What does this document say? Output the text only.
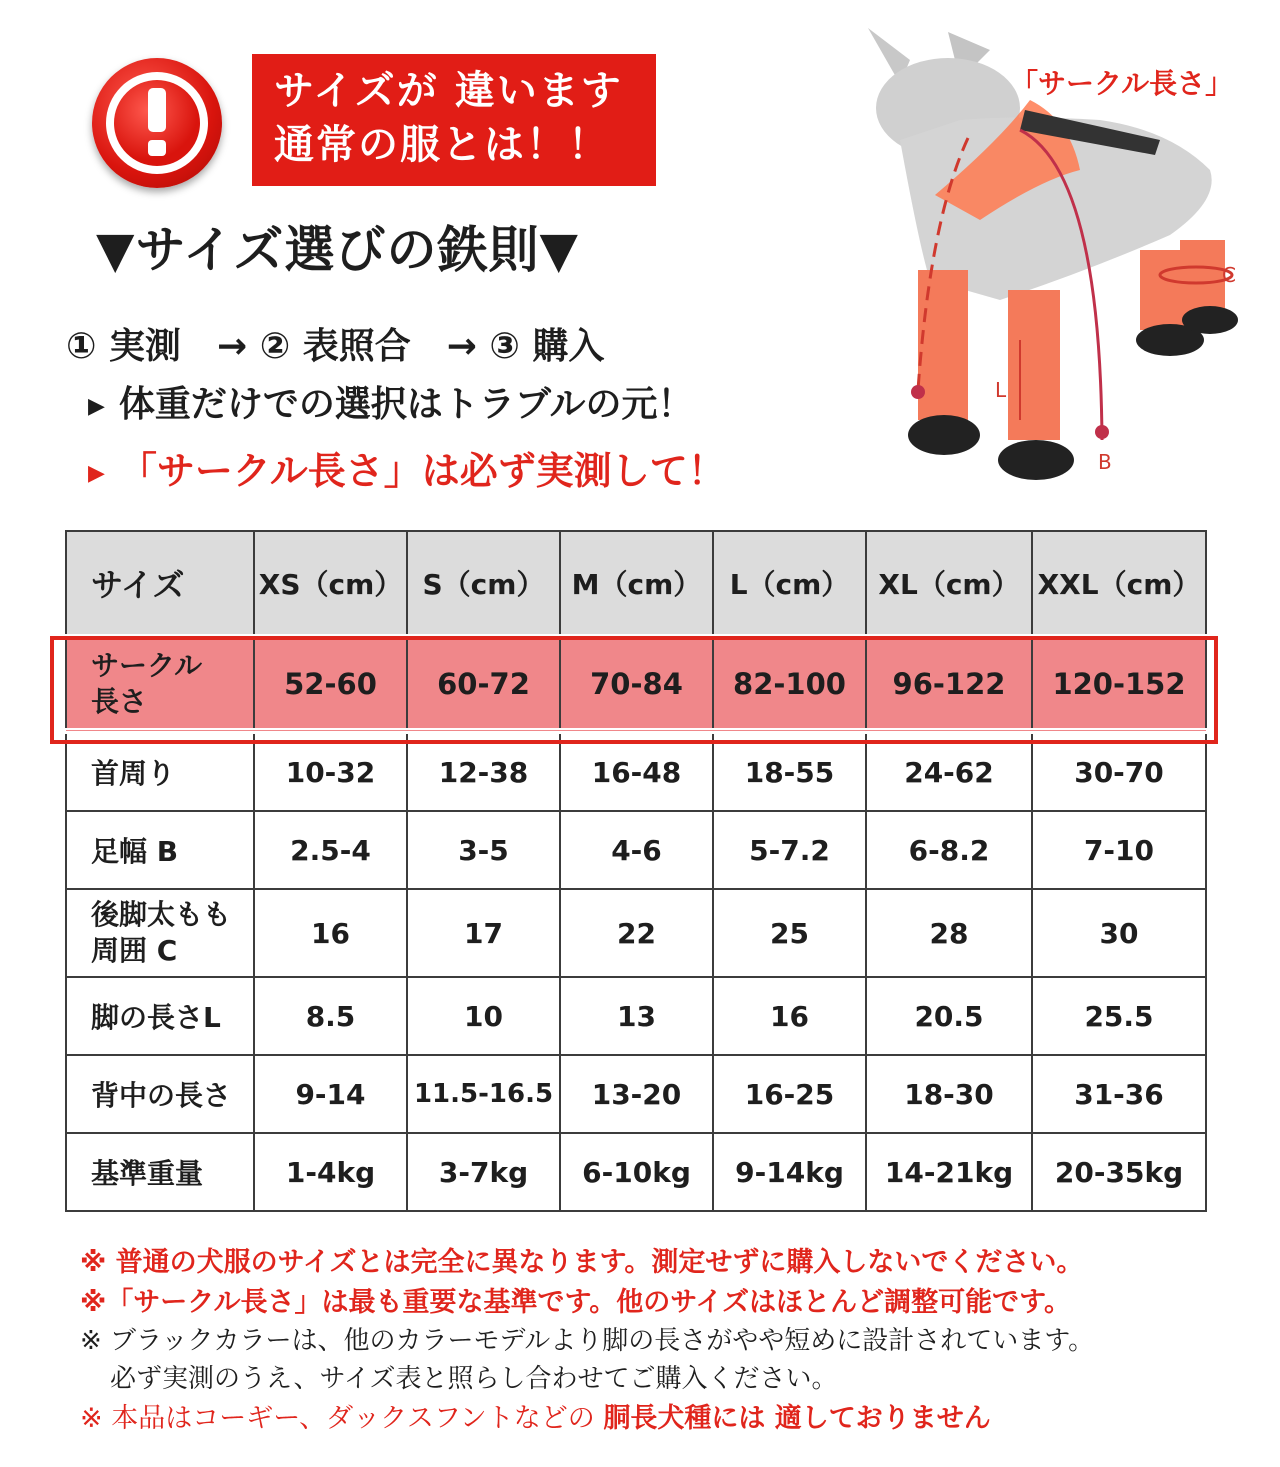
サイズが 違います
通常の服とは！！
▼サイズ選びの鉄則▼
① 実測　→ ② 表照合　→ ③ 購入
▶ 体重だけでの選択はトラブルの元！
▶ 「サークル長さ」は必ず実測して！
「サークル長さ」
C
L
B
サイズ	XS（cm）	S（cm）	M（cm）	L（cm）	XL（cm）	XXL（cm）

サークル
長さ	52-60	60-72	70-84	82-100	96-122	120-152
首周り	10-32	12-38	16-48	18-55	24-62	30-70
足幅 B	2.5-4	3-5	4-6	5-7.2	6-8.2	7-10

後脚太もも
周囲 C	16	17	22	25	28	30
脚の長さL	8.5	10	13	16	20.5	25.5
背中の長さ	9-14	11.5-16.5	13-20	16-25	18-30	31-36
基準重量	1-4kg	3-7kg	6-10kg	9-14kg	14-21kg	20-35kg
※ 普通の犬服のサイズとは完全に異なります。測定せずに購入しないでください。
※「サークル長さ」は最も重要な基準です。他のサイズはほとんど調整可能です。
※ ブラックカラーは、他のカラーモデルより脚の長さがやや短めに設計されています。
必ず実測のうえ、サイズ表と照らし合わせてご購入ください。
※ 本品はコーギー、ダックスフントなどの 胴長犬種には 適しておりません
